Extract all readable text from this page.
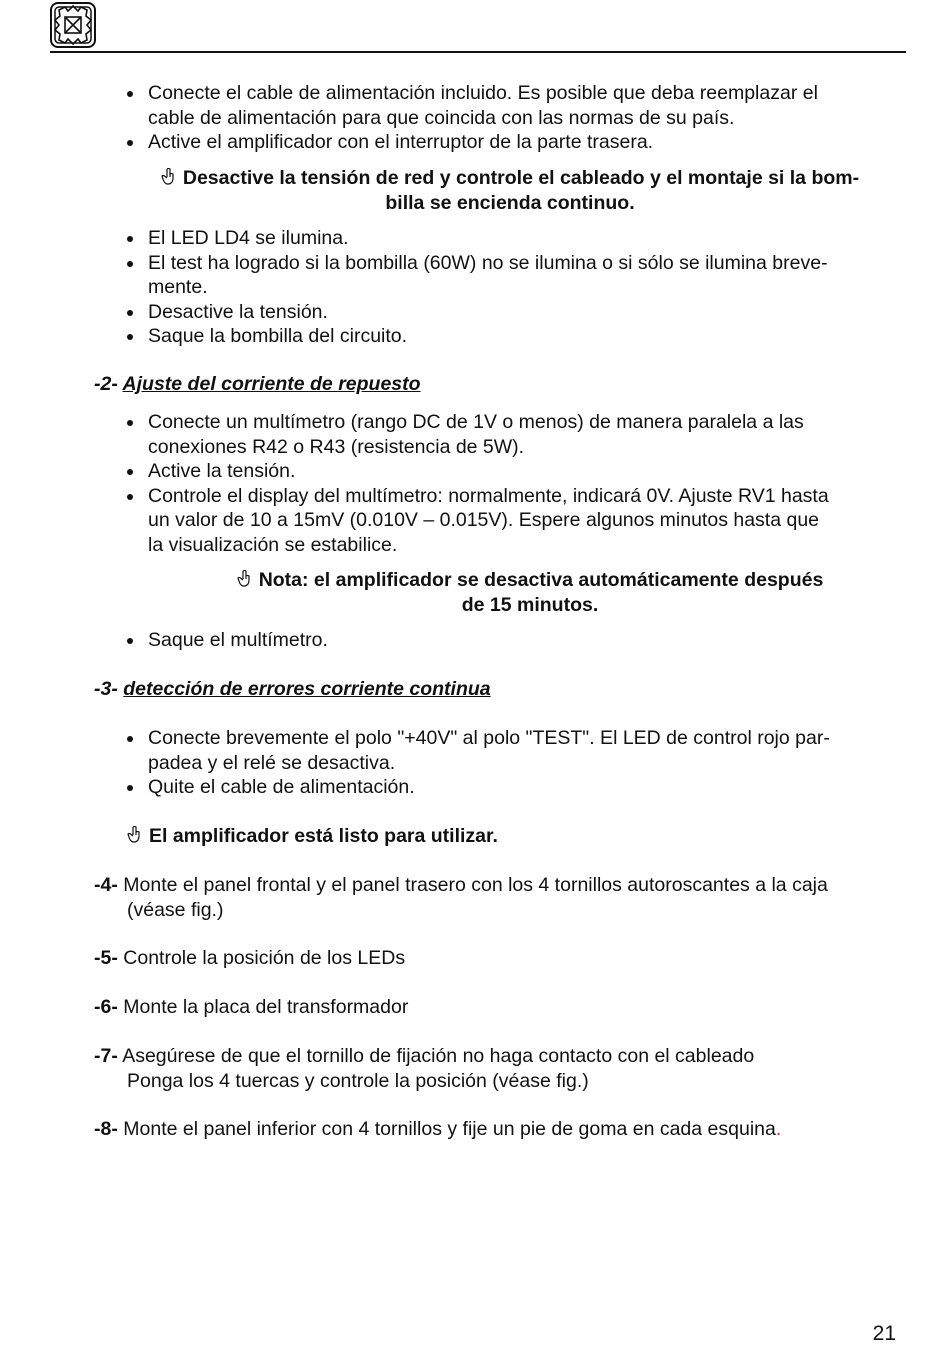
Conecte el cable de alimentación incluido. Es posible que deba reemplazar el
cable de alimentación para que coincida con las normas de su país.
Active el amplificador con el interruptor de la parte trasera.
Desactive la tensión de red y controle el cableado y el montaje si la bom-
billa se encienda continuo.
El LED LD4 se ilumina.
El test ha logrado si la bombilla (60W) no se ilumina o si sólo se ilumina breve-
mente.
Desactive la tensión.
Saque la bombilla del circuito.
-2- Ajuste del corriente de repuesto
Conecte un multímetro (rango DC de 1V o menos) de manera paralela a las
conexiones R42 o R43 (resistencia de 5W).
Active la tensión.
Controle el display del multímetro: normalmente, indicará 0V. Ajuste RV1 hasta
un valor de 10 a 15mV (0.010V – 0.015V). Espere algunos minutos hasta que
la visualización se estabilice.
Nota: el amplificador se desactiva automáticamente después
de 15 minutos.
Saque el multímetro.
-3- detección de errores corriente continua
Conecte brevemente el polo "+40V" al polo "TEST". El LED de control rojo par-
padea y el relé se desactiva.
Quite el cable de alimentación.
El amplificador está listo para utilizar.
-4- Monte el panel frontal y el panel trasero con los 4 tornillos autoroscantes a la caja
(véase fig.)
-5- Controle la posición de los LEDs
-6- Monte la placa del transformador
-7- Asegúrese de que el tornillo de fijación no haga contacto con el cableado
Ponga los 4 tuercas y controle la posición (véase fig.)
-8- Monte el panel inferior con 4 tornillos y fije un pie de goma en cada esquina.
21
